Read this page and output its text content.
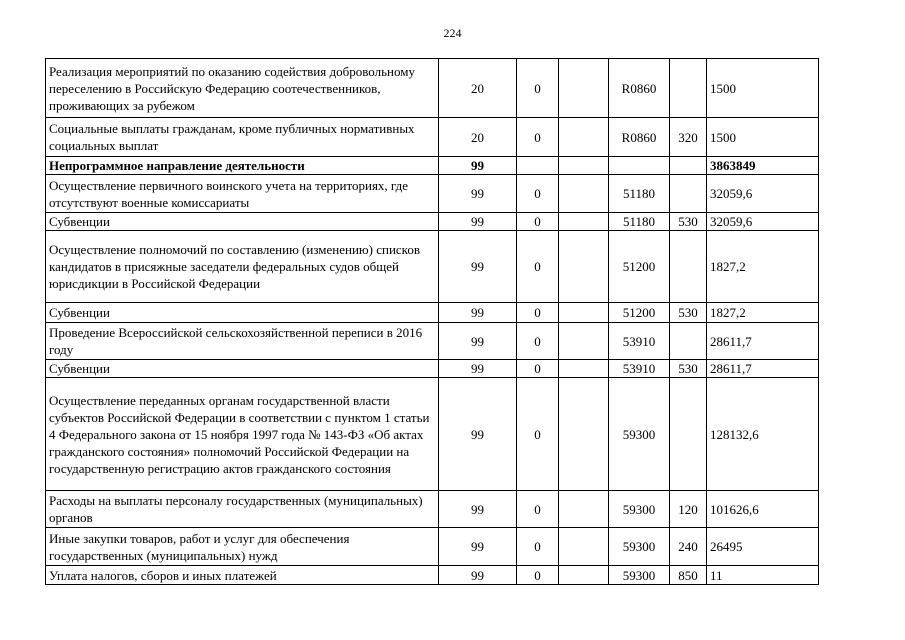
224
Реализация мероприятий по оказанию содействия добровольному переселению в Российскую Федерацию соотечественников, проживающих за рубежом	20	0		R0860		1500
Социальные выплаты гражданам, кроме публичных нормативных социальных выплат	20	0		R0860	320	1500
Непрограммное направление деятельности	99					3863849
Осуществление первичного воинского учета на территориях, где отсутствуют военные комиссариаты	99	0		51180		32059,6
Субвенции	99	0		51180	530	32059,6
Осуществление полномочий по составлению (изменению) списков кандидатов в присяжные заседатели федеральных судов общей юрисдикции в Российской Федерации	99	0		51200		1827,2
Субвенции	99	0		51200	530	1827,2
Проведение Всероссийской сельскохозяйственной переписи в 2016 году	99	0		53910		28611,7
Субвенции	99	0		53910	530	28611,7
Осуществление переданных органам государственной власти субъектов Российской Федерации в соответствии с пунктом 1 статьи 4 Федерального закона от 15 ноября 1997 года № 143-ФЗ «Об актах гражданского состояния» полномочий Российской Федерации на государственную регистрацию актов гражданского состояния	99	0		59300		128132,6
Расходы на выплаты персоналу государственных (муниципальных) органов	99	0		59300	120	101626,6
Иные закупки товаров, работ и услуг для обеспечения государственных (муниципальных) нужд	99	0		59300	240	26495
Уплата налогов, сборов и иных платежей	99	0		59300	850	11
